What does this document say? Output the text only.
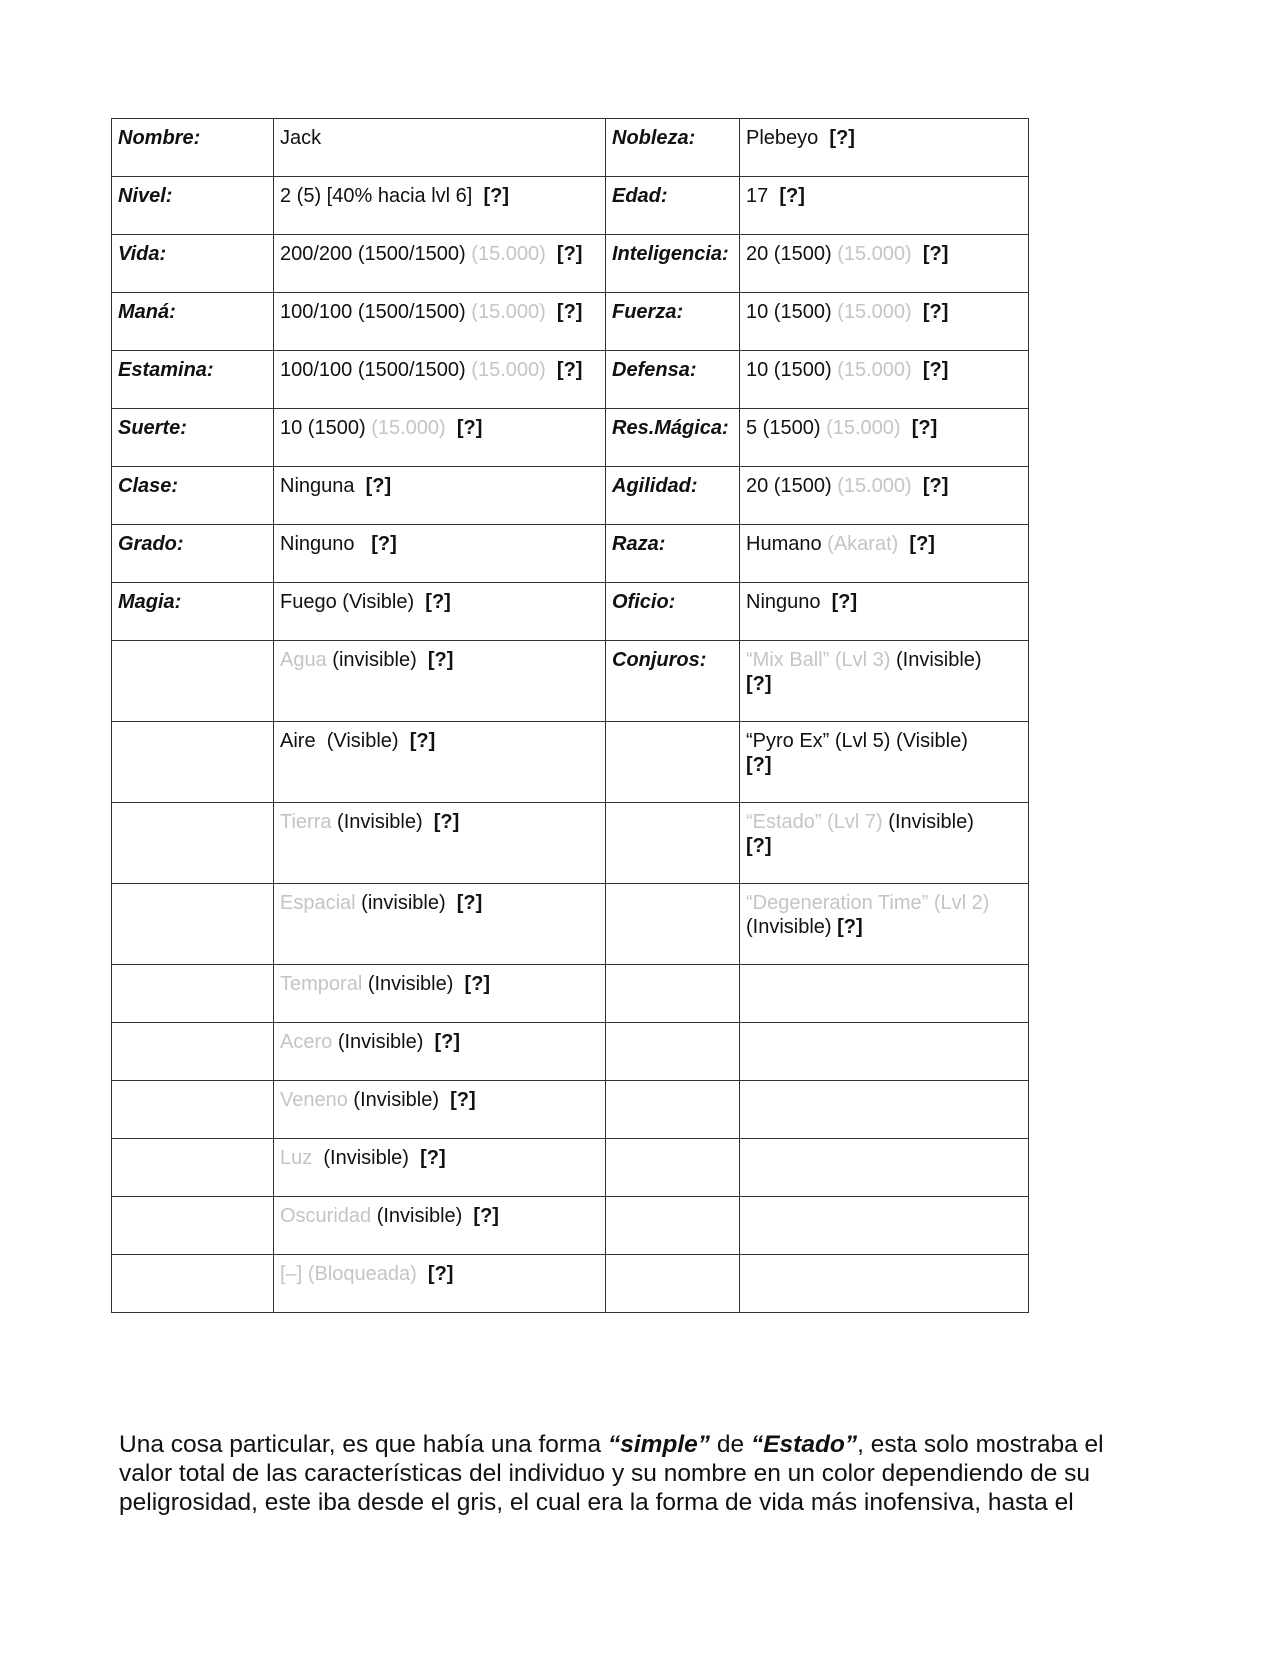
Nombre:	Jack	Nobleza:	Plebeyo [?]
Nivel:	2 (5) [40% hacia lvl 6] [?]	Edad:	17 [?]
Vida:	200/200 (1500/1500) (15.000) [?]	Inteligencia:	20 (1500) (15.000) [?]
Maná:	100/100 (1500/1500) (15.000) [?]	Fuerza:	10 (1500) (15.000) [?]
Estamina:	100/100 (1500/1500) (15.000) [?]	Defensa:	10 (1500) (15.000) [?]
Suerte:	10 (1500) (15.000) [?]	Res.Mágica:	5 (1500) (15.000) [?]
Clase:	Ninguna [?]	Agilidad:	20 (1500) (15.000) [?]
Grado:	Ninguno [?]	Raza:	Humano (Akarat) [?]
Magia:	Fuego (Visible) [?]	Oficio:	Ninguno [?]
	Agua (invisible) [?]	Conjuros:	“Mix Ball” (Lvl 3) (Invisible)
[?]
	Aire (Visible) [?]		“Pyro Ex” (Lvl 5) (Visible)
[?]
	Tierra (Invisible) [?]		“Estado” (Lvl 7) (Invisible)
[?]
	Espacial (invisible) [?]		“Degeneration Time” (Lvl 2)
(Invisible) [?]
	Temporal (Invisible) [?]		
	Acero (Invisible) [?]		
	Veneno (Invisible) [?]		
	Luz (Invisible) [?]		
	Oscuridad (Invisible) [?]		
	[–] (Bloqueada) [?]		

Una cosa particular, es que había una forma “simple” de “Estado”, esta solo mostraba el valor total de las características del individuo y su nombre en un color dependiendo de su peligrosidad, este iba desde el gris, el cual era la forma de vida más inofensiva, hasta el
